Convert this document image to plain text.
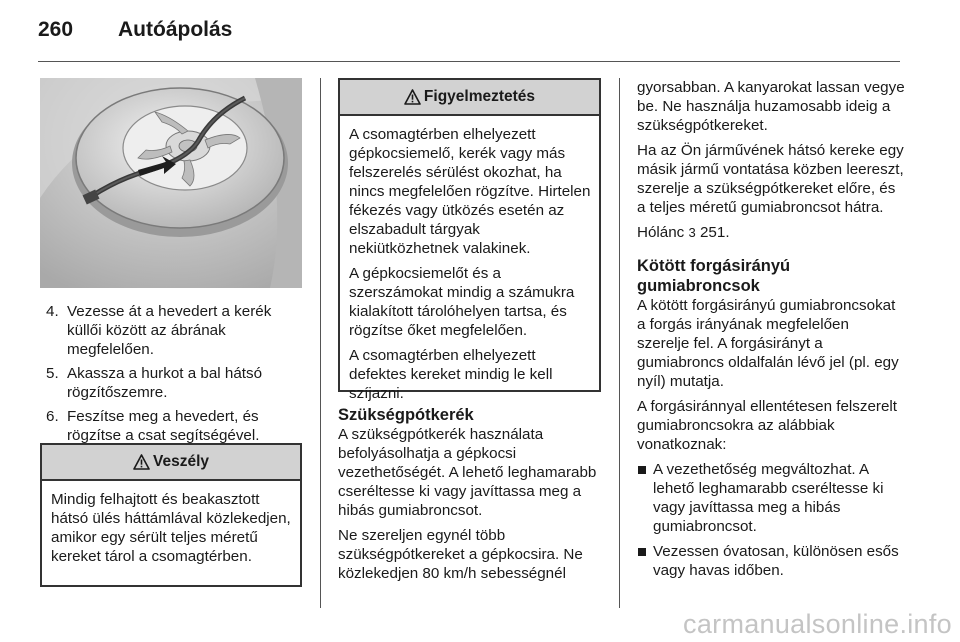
260 Autóápolás
4. Vezesse át a hevedert a kerék küllői között az ábrának megfelelően.
5. Akassza a hurkot a bal hátsó rögzítőszemre.
6. Feszítse meg a hevedert, és rögzítse a csat segítségével.
Veszély

Mindig felhajtott és beakasztott hátsó ülés háttámlával közlekedjen, amikor egy sérült teljes méretű kereket tárol a csomagtérben.

Figyelmeztetés

A csomagtérben elhelyezett gépkocsiemelő, kerék vagy más felszerelés sérülést okozhat, ha nincs megfelelően rögzítve. Hirtelen fékezés vagy ütközés esetén az elszabadult tárgyak nekiütközhetnek valakinek.

A gépkocsiemelőt és a szerszámokat mindig a számukra kialakított tárolóhelyen tartsa, és rögzítse őket megfelelően.

A csomagtérben elhelyezett defektes kereket mindig le kell szíjazni.

Szükségpótkerék

A szükségpótkerék használata befolyásolhatja a gépkocsi vezethetőségét. A lehető leghamarabb cseréltesse ki vagy javíttassa meg a hibás gumiabroncsot.

Ne szereljen egynél több szükségpótkereket a gépkocsira. Ne közlekedjen 80 km/h sebességnél

gyorsabban. A kanyarokat lassan vegye be. Ne használja huzamosabb ideig a szükségpótkereket.

Ha az Ön járművének hátsó kereke egy másik jármű vontatása közben leereszt, szerelje a szükségpótkereket előre, és a teljes méretű gumiabroncsot hátra.

Hólánc 3 251.

Kötött forgásirányú
gumiabroncsok

A kötött forgásirányú gumiabroncsokat a forgás irányának megfelelően szerelje fel. A forgásirányt a gumiabroncs oldalfalán lévő jel (pl. egy nyíl) mutatja.

A forgásiránnyal ellentétesen felszerelt gumiabroncsokra az alábbiak vonatkoznak:

A vezethetőség megváltozhat. A lehető leghamarabb cseréltesse ki vagy javíttassa meg a hibás gumiabroncsot.
Vezessen óvatosan, különösen esős vagy havas időben.
carmanualsonline.info
